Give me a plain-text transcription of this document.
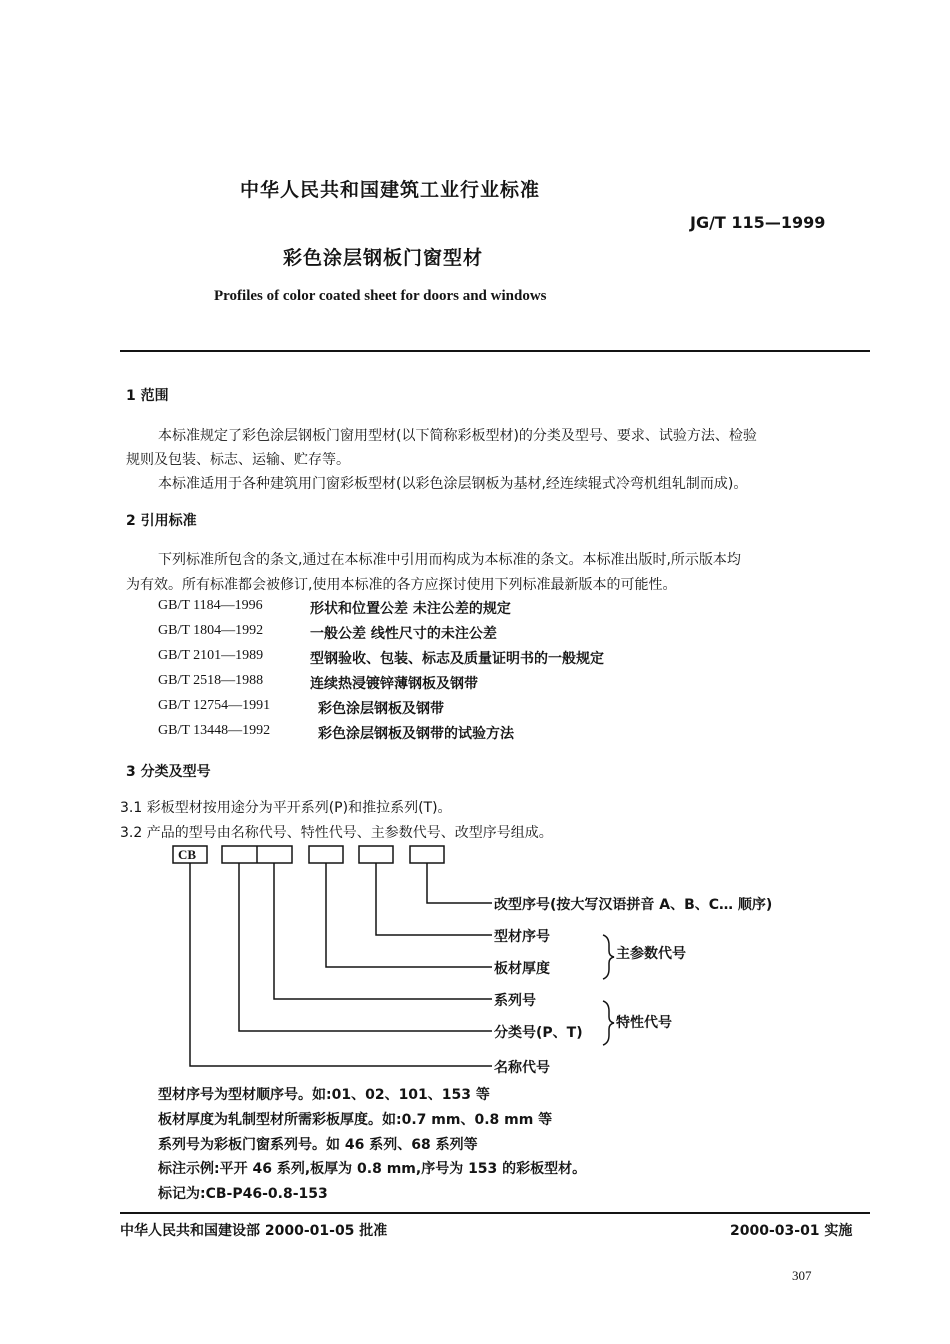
中华人民共和国建筑工业行业标准
JG/T 115—1999
彩色涂层钢板门窗型材
Profiles of color coated sheet for doors and windows
1 范围
本标准规定了彩色涂层钢板门窗用型材(以下简称彩板型材)的分类及型号、要求、试验方法、检验
规则及包装、标志、运输、贮存等。
本标准适用于各种建筑用门窗彩板型材(以彩色涂层钢板为基材,经连续辊式冷弯机组轧制而成)。
2 引用标准
下列标准所包含的条文,通过在本标准中引用而构成为本标准的条文。本标准出版时,所示版本均
为有效。所有标准都会被修订,使用本标准的各方应探讨使用下列标准最新版本的可能性。
GB/T 1184—1996	形状和位置公差 未注公差的规定
GB/T 1804—1992	一般公差 线性尺寸的未注公差
GB/T 2101—1989	型钢验收、包装、标志及质量证明书的一般规定
GB/T 2518—1988	连续热浸镀锌薄钢板及钢带
GB/T 12754—1991	彩色涂层钢板及钢带
GB/T 13448—1992	彩色涂层钢板及钢带的试验方法
3 分类及型号
3.1 彩板型材按用途分为平开系列(P)和推拉系列(T)。
3.2 产品的型号由名称代号、特性代号、主参数代号、改型序号组成。
CB
改型序号(按大写汉语拼音 A、B、C… 顺序)
型材序号
板材厚度
系列号
分类号(P、T)
名称代号
主参数代号
特性代号
型材序号为型材顺序号。如:01、02、101、153 等
板材厚度为轧制型材所需彩板厚度。如:0.7 mm、0.8 mm 等
系列号为彩板门窗系列号。如 46 系列、68 系列等
标注示例:平开 46 系列,板厚为 0.8 mm,序号为 153 的彩板型材。
标记为:CB-P46-0.8-153
中华人民共和国建设部 2000-01-05 批准	2000-03-01 实施
307
